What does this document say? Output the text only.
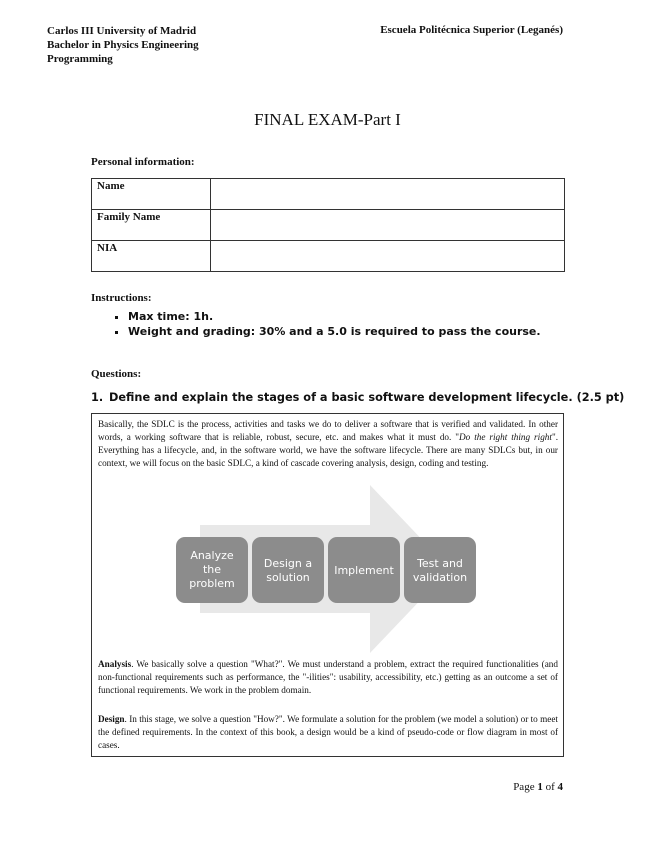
Carlos III University of Madrid
Bachelor in Physics Engineering
Programming
Escuela Politécnica Superior (Leganés)
FINAL EXAM-Part I
Personal information:
Name	
Family Name	
NIA	
Instructions:
▪ Max time: 1h.
▪ Weight and grading: 30% and a 5.0 is required to pass the course.
Questions:
1. Define and explain the stages of a basic software development lifecycle. (2.5 pt)
Basically, the SDLC is the process, activities and tasks we do to deliver a software that is verified and validated. In other words, a working software that is reliable, robust, secure, etc. and makes what it must do. "Do the right thing right". Everything has a lifecycle, and, in the software world, we have the software lifecycle. There are many SDLCs but, in our context, we will focus on the basic SDLC, a kind of cascade covering analysis, design, coding and testing.
Analysis. We basically solve a question "What?". We must understand a problem, extract the required functionalities (and non-functional requirements such as performance, the "-ilities": usability, accessibility, etc.) getting as an outcome a set of functional requirements. We work in the problem domain.
Design. In this stage, we solve a question "How?". We formulate a solution for the problem (we model a solution) or to meet the defined requirements. In the context of this book, a design would be a kind of pseudo-code or flow diagram in most of cases.
Analyze the problem
Design a solution
Implement
Test and validation
Page 1 of 4
